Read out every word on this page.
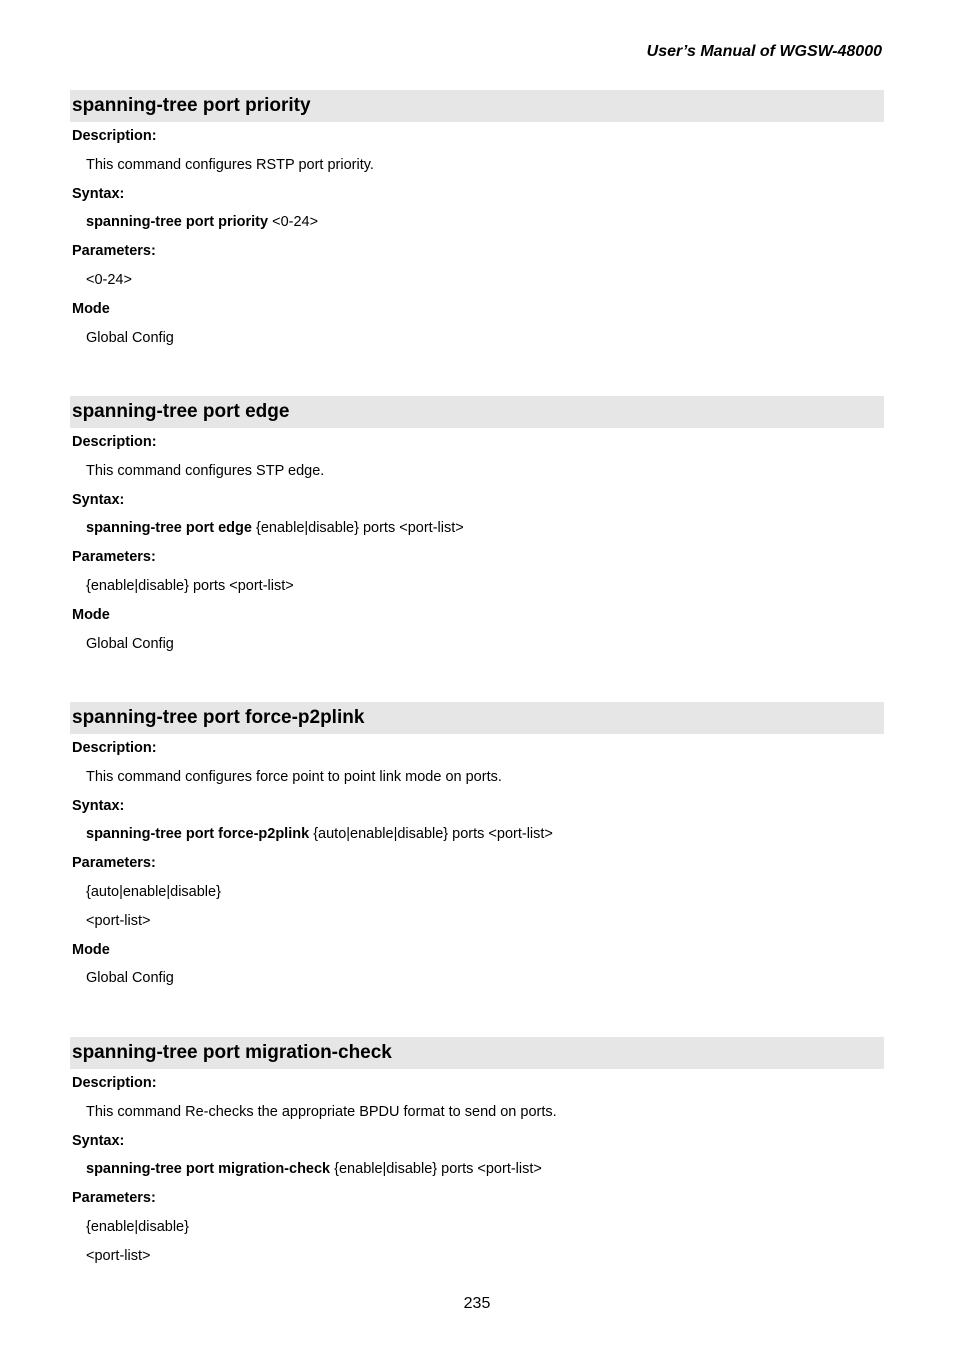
User’s Manual of WGSW-48000
spanning-tree port priority
Description:
This command configures RSTP port priority.
Syntax:
spanning-tree port priority <0-24>
Parameters:
<0-24>
Mode
Global Config
spanning-tree port edge
Description:
This command configures STP edge.
Syntax:
spanning-tree port edge {enable|disable} ports <port-list>
Parameters:
{enable|disable} ports <port-list>
Mode
Global Config
spanning-tree port force-p2plink
Description:
This command configures force point to point link mode on ports.
Syntax:
spanning-tree port force-p2plink {auto|enable|disable} ports <port-list>
Parameters:
{auto|enable|disable}
<port-list>
Mode
Global Config
spanning-tree port migration-check
Description:
This command Re-checks the appropriate BPDU format to send on ports.
Syntax:
spanning-tree port migration-check {enable|disable} ports <port-list>
Parameters:
{enable|disable}
<port-list>
235
